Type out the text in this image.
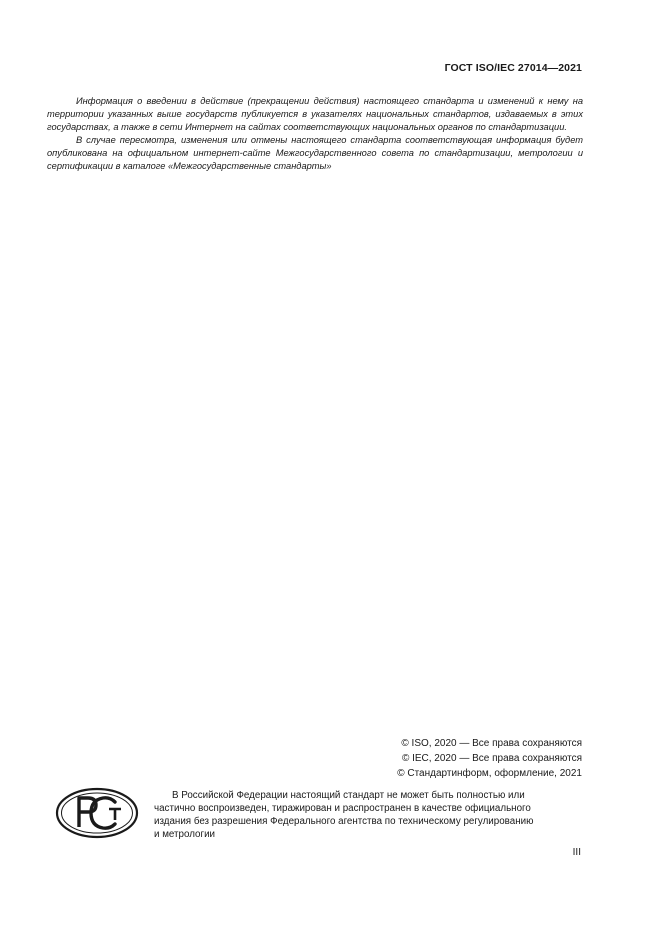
ГОСТ ISO/IEC 27014—2021

Информация о введении в действие (прекращении действия) настоящего стандарта и изменений к нему на территории указанных выше государств публикуется в указателях национальных стандартов, издаваемых в этих государствах, а также в сети Интернет на сайтах соответствующих национальных органов по стандартизации.

В случае пересмотра, изменения или отмены настоящего стандарта соответствующая информация будет опубликована на официальном интернет-сайте Межгосударственного совета по стандартизации, метрологии и сертификации в каталоге «Межгосударственные стандарты»

© ISO, 2020 — Все права сохраняются
© IEC, 2020 — Все права сохраняются
© Стандартинформ, оформление, 2021
В Российской Федерации настоящий стандарт не может быть полностью или
частично воспроизведен, тиражирован и распространен в качестве официального
издания без разрешения Федерального агентства по техническому регулированию
и метрологии
III
